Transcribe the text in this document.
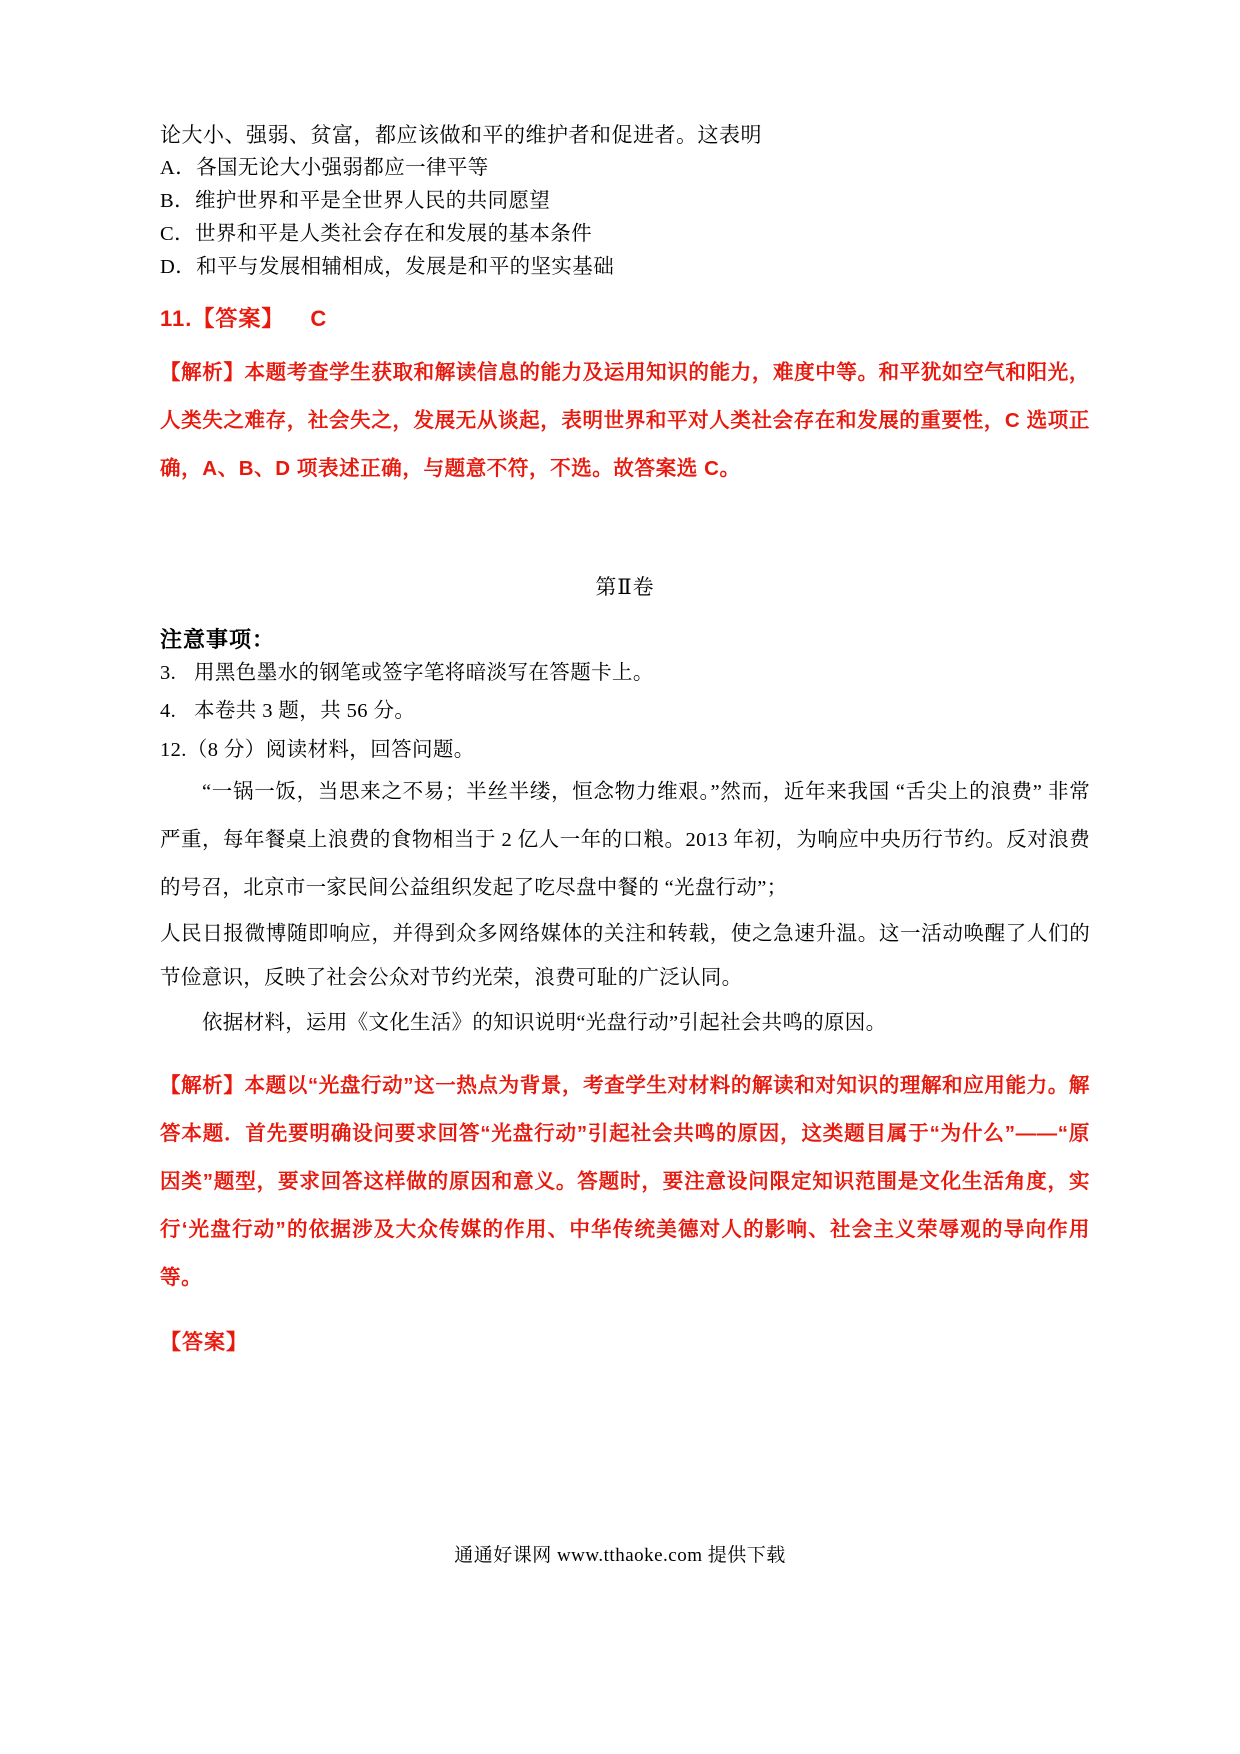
论大小、强弱、贫富，都应该做和平的维护者和促进者。这表明
A．各国无论大小强弱都应一律平等
B．维护世界和平是全世界人民的共同愿望
C．世界和平是人类社会存在和发展的基本条件
D．和平与发展相辅相成，发展是和平的坚实基础
11.【答案】 C
【解析】本题考查学生获取和解读信息的能力及运用知识的能力，难度中等。和平犹如空气和阳光，人类失之难存，社会失之，发展无从谈起，表明世界和平对人类社会存在和发展的重要性，C 选项正确，A、B、D 项表述正确，与题意不符，不选。故答案选 C。
第Ⅱ卷
注意事项：
3. 用黑色墨水的钢笔或签字笔将暗淡写在答题卡上。
4. 本卷共 3 题，共 56 分。
12.（8 分）阅读材料，回答问题。
“一锅一饭，当思来之不易；半丝半缕，恒念物力维艰。”然而，近年来我国 “舌尖上的浪费” 非常严重，每年餐桌上浪费的食物相当于 2 亿人一年的口粮。2013 年初，为响应中央历行节约。反对浪费的号召，北京市一家民间公益组织发起了吃尽盘中餐的 “光盘行动”；
人民日报微博随即响应，并得到众多网络媒体的关注和转载，使之急速升温。这一活动唤醒了人们的节俭意识，反映了社会公众对节约光荣，浪费可耻的广泛认同。
依据材料，运用《文化生活》的知识说明“光盘行动”引起社会共鸣的原因。
【解析】本题以“光盘行动”这一热点为背景，考查学生对材料的解读和对知识的理解和应用能力。解答本题．首先要明确设问要求回答“光盘行动”引起社会共鸣的原因，这类题目属于“为什么”——“原因类”题型，要求回答这样做的原因和意义。答题时，要注意设问限定知识范围是文化生活角度，实行‘光盘行动”的依据涉及大众传媒的作用、中华传统美德对人的影响、社会主义荣辱观的导向作用等。
【答案】
通通好课网 www.tthaoke.com 提供下载
